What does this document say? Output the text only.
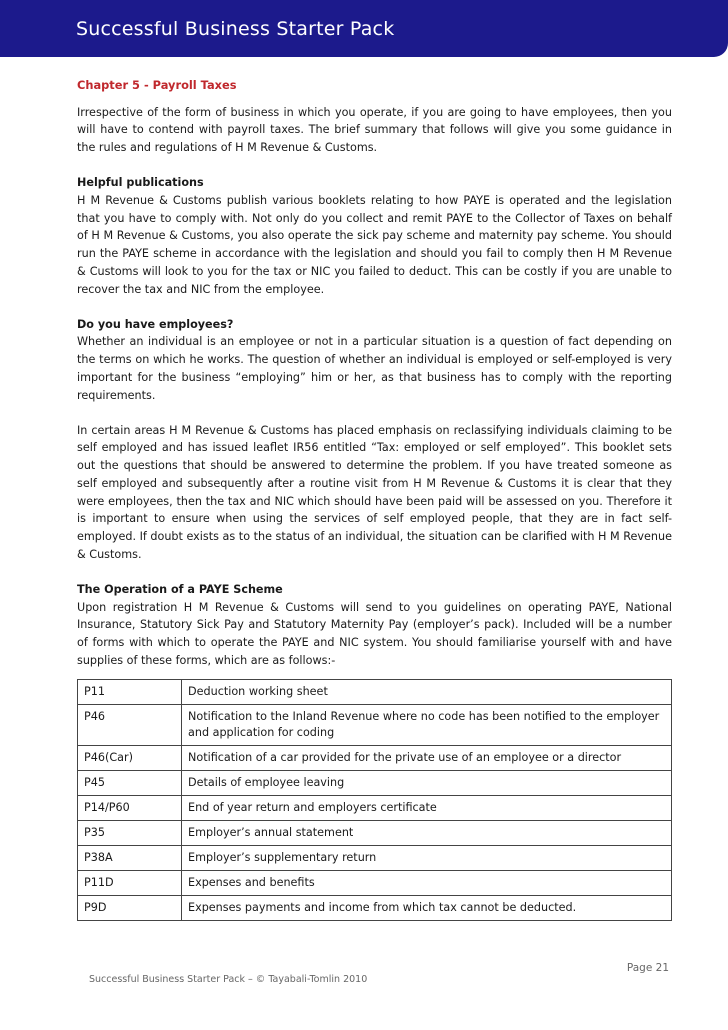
Successful Business Starter Pack
Chapter 5 - Payroll Taxes

Irrespective of the form of business in which you operate, if you are going to have employees, then you will have to contend with payroll taxes. The brief summary that follows will give you some guidance in the rules and regulations of H M Revenue & Customs.

Helpful publications
H M Revenue & Customs publish various booklets relating to how PAYE is operated and the legislation that you have to comply with. Not only do you collect and remit PAYE to the Collector of Taxes on behalf of H M Revenue & Customs, you also operate the sick pay scheme and maternity pay scheme. You should run the PAYE scheme in accordance with the legislation and should you fail to comply then H M Revenue & Customs will look to you for the tax or NIC you failed to deduct. This can be costly if you are unable to recover the tax and NIC from the employee.

Do you have employees?
Whether an individual is an employee or not in a particular situation is a question of fact depending on the terms on which he works. The question of whether an individual is employed or self-employed is very important for the business “employing” him or her, as that business has to comply with the reporting requirements.

In certain areas H M Revenue & Customs has placed emphasis on reclassifying individuals claiming to be self employed and has issued leaflet IR56 entitled “Tax: employed or self employed”. This booklet sets out the questions that should be answered to determine the problem. If you have treated someone as self employed and subsequently after a routine visit from H M Revenue & Customs it is clear that they were employees, then the tax and NIC which should have been paid will be assessed on you. Therefore it is important to ensure when using the services of self employed people, that they are in fact self-employed. If doubt exists as to the status of an individual, the situation can be clarified with H M Revenue & Customs.

The Operation of a PAYE Scheme
Upon registration H M Revenue & Customs will send to you guidelines on operating PAYE, National Insurance, Statutory Sick Pay and Statutory Maternity Pay (employer’s pack). Included will be a number of forms with which to operate the PAYE and NIC system. You should familiarise yourself with and have supplies of these forms, which are as follows:-

P11	Deduction working sheet
P46	Notification to the Inland Revenue where no code has been notified to the employer and application for coding
P46(Car)	Notification of a car provided for the private use of an employee or a director
P45	Details of employee leaving
P14/P60	End of year return and employers certificate
P35	Employer’s annual statement
P38A	Employer’s supplementary return
P11D	Expenses and benefits
P9D	Expenses payments and income from which tax cannot be deducted.
Page 21
Successful Business Starter Pack – © Tayabali-Tomlin 2010
